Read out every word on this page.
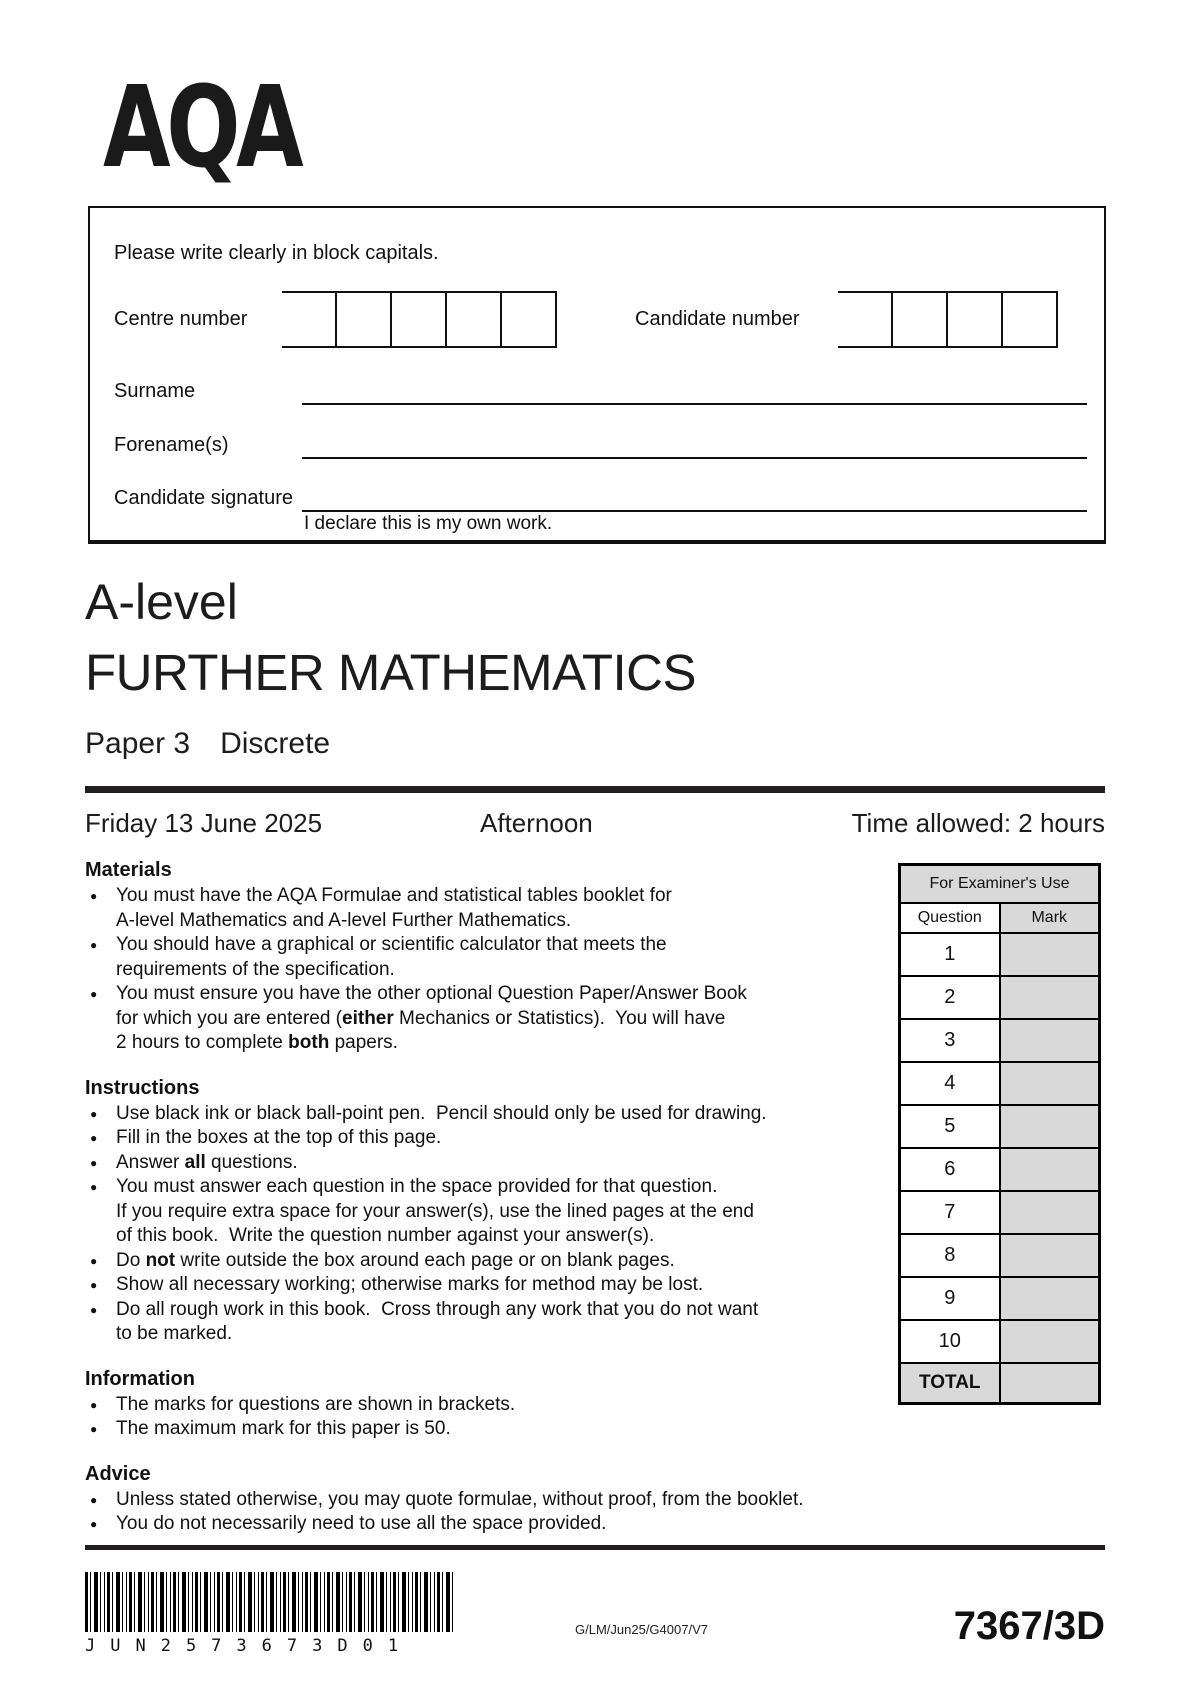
AQA
Please write clearly in block capitals.
Centre number	Candidate number
Surname
Forename(s)
Candidate signature
I declare this is my own work.
A-level
FURTHER MATHEMATICS
Paper 3 Discrete
Friday 13 June 2025	Afternoon	Time allowed: 2 hours
Materials
● You must have the AQA Formulae and statistical tables booklet for
A-level Mathematics and A-level Further Mathematics.
● You should have a graphical or scientific calculator that meets the
requirements of the specification.
● You must ensure you have the other optional Question Paper/Answer Book
for which you are entered (either Mechanics or Statistics).  You will have
2 hours to complete both papers.
Instructions
● Use black ink or black ball-point pen.  Pencil should only be used for drawing.
● Fill in the boxes at the top of this page.
● Answer all questions.
● You must answer each question in the space provided for that question.
If you require extra space for your answer(s), use the lined pages at the end
of this book.  Write the question number against your answer(s).
● Do not write outside the box around each page or on blank pages.
● Show all necessary working; otherwise marks for method may be lost.
● Do all rough work in this book.  Cross through any work that you do not want
to be marked.
Information
● The marks for questions are shown in brackets.
● The maximum mark for this paper is 50.
Advice
● Unless stated otherwise, you may quote formulae, without proof, from the booklet.
● You do not necessarily need to use all the space provided.
For Examiner's Use	
Question	Mark
1	
2	
3	
4	
5	
6	
7	
8	
9	
10	
TOTAL	
JUN2573673D01
G/LM/Jun25/G4007/V7	7367/3D
